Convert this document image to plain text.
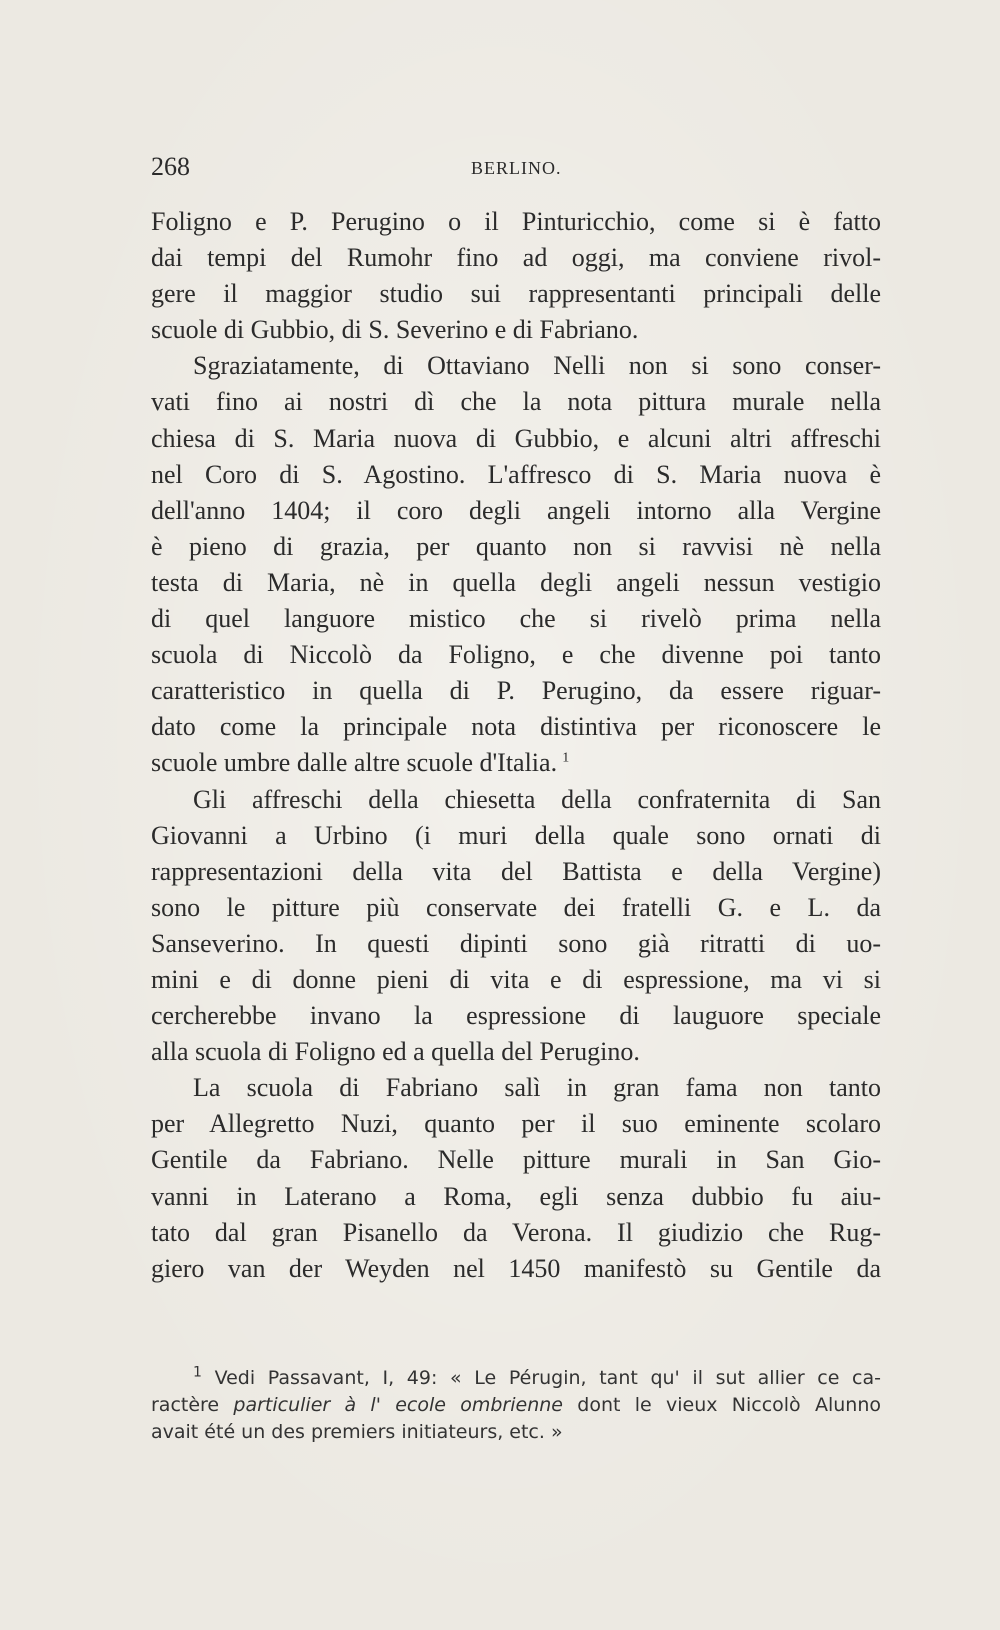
268	BERLINO.
Foligno e P. Perugino o il Pinturicchio, come si è fatto
dai tempi del Rumohr fino ad oggi, ma conviene rivol-
gere il maggior studio sui rappresentanti principali delle
scuole di Gubbio, di S. Severino e di Fabriano.
Sgraziatamente, di Ottaviano Nelli non si sono conser-
vati fino ai nostri dì che la nota pittura murale nella
chiesa di S. Maria nuova di Gubbio, e alcuni altri affreschi
nel Coro di S. Agostino. L'affresco di S. Maria nuova è
dell'anno 1404; il coro degli angeli intorno alla Vergine
è pieno di grazia, per quanto non si ravvisi nè nella
testa di Maria, nè in quella degli angeli nessun vestigio
di quel languore mistico che si rivelò prima nella
scuola di Niccolò da Foligno, e che divenne poi tanto
caratteristico in quella di P. Perugino, da essere riguar-
dato come la principale nota distintiva per riconoscere le
scuole umbre dalle altre scuole d'Italia.  $^1$
Gli affreschi della chiesetta della confraternita di San
Giovanni a Urbino (i muri della quale sono ornati di
rappresentazioni della vita del Battista e della Vergine)
sono le pitture più conservate dei fratelli G. e L. da
Sanseverino. In questi dipinti sono già ritratti di uo-
mini e di donne pieni di vita e di espressione, ma vi si
cercherebbe invano la espressione di lauguore speciale
alla scuola di Foligno ed a quella del Perugino.
La scuola di Fabriano salì in gran fama non tanto
per Allegretto Nuzi, quanto per il suo eminente scolaro
Gentile da Fabriano. Nelle pitture murali in San Gio-
vanni in Laterano a Roma, egli senza dubbio fu aiu-
tato dal gran Pisanello da Verona. Il giudizio che Rug-
giero van der Weyden nel 1450 manifestò su Gentile da
$^1$ Vedi Passavant, I, 49: « Le Pérugin, tant qu' il sut allier ce ca-
ractère particulier à l' ecole ombrienne dont le vieux Niccolò Alunno
avait été un des premiers initiateurs, etc. »
